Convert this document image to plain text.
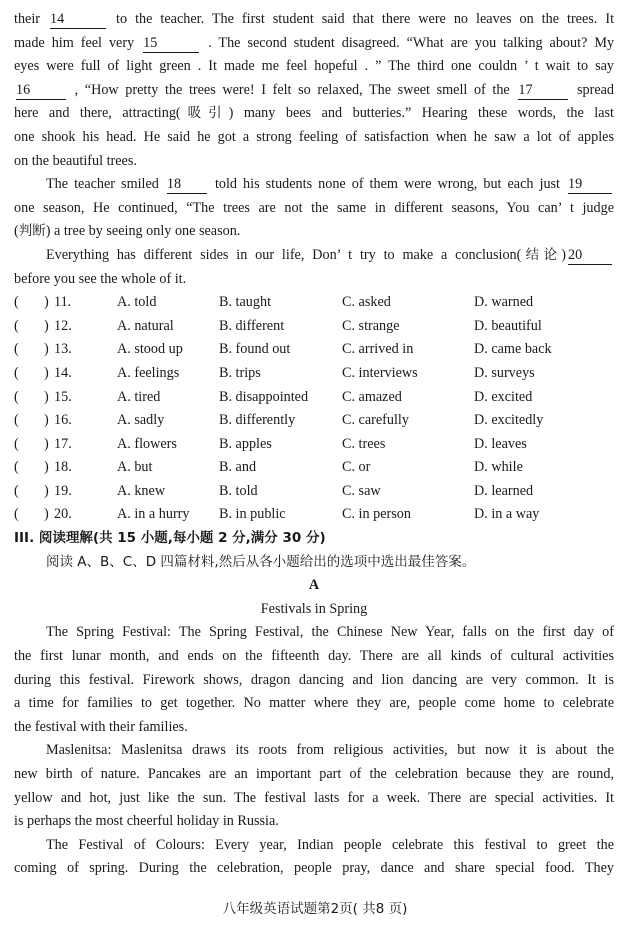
their 14	to the teacher. The first student said that there were no leaves on the trees. It

made him feel very 15	. The second student disagreed. “What are you talking about? My

eyes were full of light green . It made me feel hopeful . ” The third one couldn ’ t wait to say

16	, “How pretty the trees were! I felt so relaxed, The sweet smell of the 17	spread

here and there, attracting(吸引) many bees and butteries.” Hearing these words, the last

one shook his head. He said he got a strong feeling of satisfaction when he saw a lot of apples

on the beautiful trees.

The teacher smiled 18 told his students none of them were wrong, but each just 19

one season, He continued, “The trees are not the same in different seasons, You can’ t judge

(判断) a tree by seeing only one season.

Everything has different sides in our life, Don’ t try to make a conclusion(结论) 20

before you see the whole of it.

( 11.	A. told	B. taught	C. asked	D. warned
)
( 12.	A. natural	B. different	C. strange	D. beautiful
)
( 13.	A. stood up	B. found out	C. arrived in	D. came back
)
( 14.	A. feelings	B. trips	C. interviews	D. surveys
)
( 15.	A. tired	B. disappointed C. amazed	D. excited
)
( 16.	A. sadly	B. differently	C. carefully	D. excitedly
)
( 17.	A. flowers	B. apples	C. trees	D. leaves
)
( 18.	A. but	B. and	C. or	D. while
)
( 19.	A. knew	B. told	C. saw	D. learned
)
( 20.	A. in a hurry B. in public	C. in person	D. in a way
)

III. 阅读理解(共 15 小题,每小题 2 分,满分 30 分)

阅读 A、B、C、D 四篇材料,然后从各小题给出的选项中选出最佳答案。

A

Festivals in Spring

The Spring Festival: The Spring Festival, the Chinese New Year, falls on the first day of

the first lunar month, and ends on the fifteenth day. There are all kinds of cultural activities

during this festival. Firework shows, dragon dancing and lion dancing are very common. It is

a time for families to get together. No matter where they are, people come home to celebrate

the festival with their families.

Maslenitsa: Maslenitsa draws its roots from religious activities, but now it is about the

new birth of nature. Pancakes are an important part of the celebration because they are round,

yellow and hot, just like the sun. The festival lasts for a week. There are special activities. It

is perhaps the most cheerful holiday in Russia.

The Festival of Colours: Every year, Indian people celebrate this festival to greet the

coming of spring. During the celebration, people pray, dance and share special food. They

八年级英语试题第2页( 共8 页)
